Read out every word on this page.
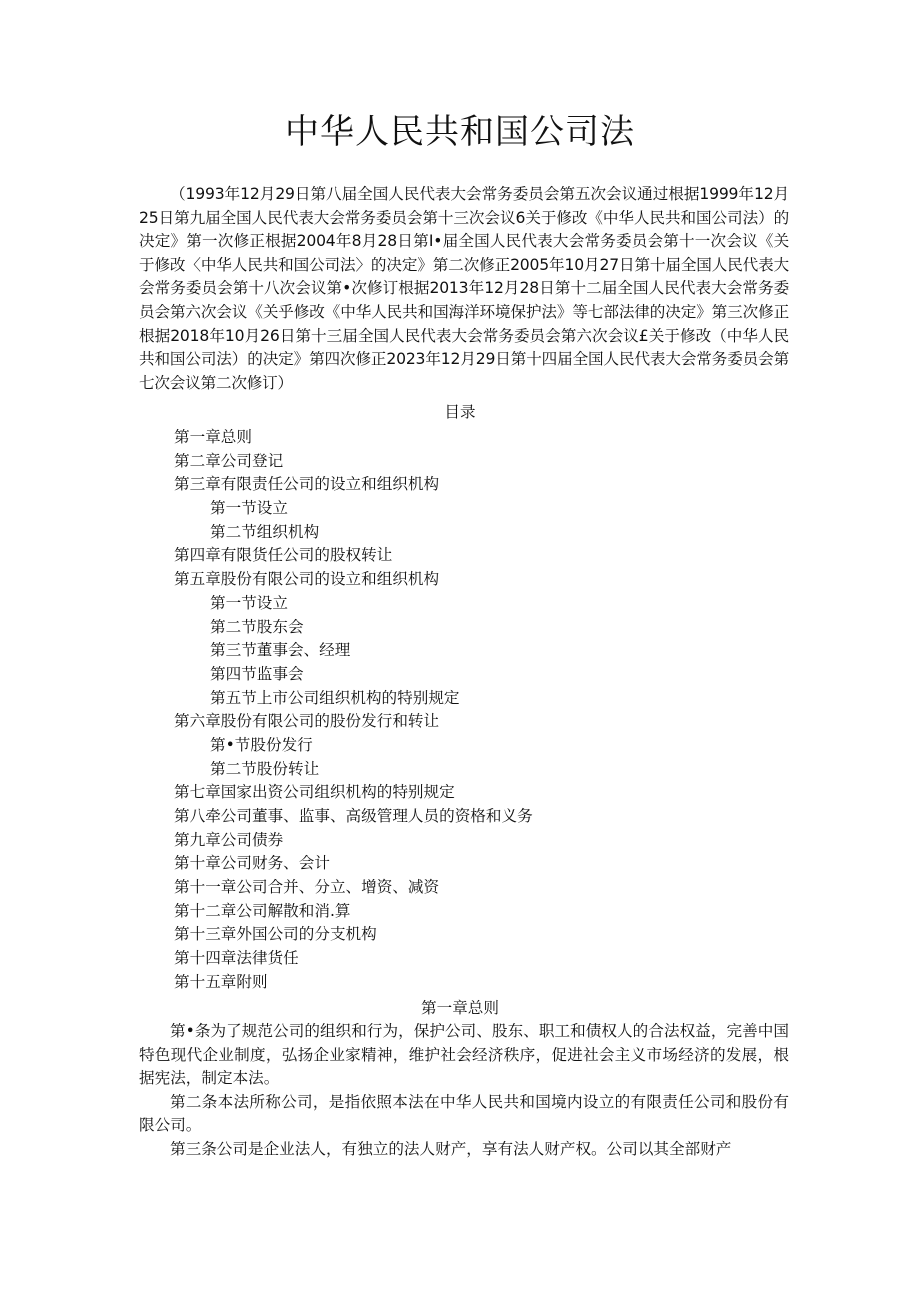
中华人民共和国公司法
（1993年12月29日第八届全国人民代表大会常务委员会第五次会议通过根据1999年12月25日第九届全国人民代表大会常务委员会第十三次会议6关于修改《中华人民共和国公司法）的决定》第一次修正根据2004年8月28日第I•届全国人民代表大会常务委员会第十一次会议《关于修改〈中华人民共和国公司法〉的决定》第二次修正2005年10月27日第十届全国人民代表大会常务委员会第十八次会议第•次修订根据2013年12月28日第十二届全国人民代表大会常务委员会第六次会议《关乎修改《中华人民共和国海洋环境保护法》等七部法律的决定》第三次修正根据2018年10月26日第十三届全国人民代表大会常务委员会第六次会议£关于修改（中华人民共和国公司法）的决定》第四次修正2023年12月29日第十四届全国人民代表大会常务委员会第七次会议第二次修订）
目录
第一章总则
第二章公司登记
第三章有限责任公司的设立和组织机构
第一节设立
第二节组织机构
第四章有限货任公司的股权转让
第五章股份有限公司的设立和组织机构
第一节设立
第二节股东会
第三节董事会、经理
第四节监事会
第五节上市公司组织机构的特别规定
第六章股份有限公司的股份发行和转让
第•节股份发行
第二节股份转让
第七章国家出资公司组织机构的特别规定
第八牵公司董事、监事、高级管理人员的资格和义务
第九章公司债券
第十章公司财务、会计
第十一章公司合并、分立、增资、减资
第十二章公司解散和消.算
第十三章外国公司的分支机构
第十四章法律货任
第十五章附则
第一章总则

第•条为了规范公司的组织和行为，保护公司、股东、职工和债权人的合法权益，完善中国特色现代企业制度，弘扬企业家精神，维护社会经济秩序，促进社会主义市场经济的发展，根据宪法，制定本法。

第二条本法所称公司，是指依照本法在中华人民共和国境内设立的有限责任公司和股份有限公司。

第三条公司是企业法人，有独立的法人财产，享有法人财产权。公司以其全部财产
